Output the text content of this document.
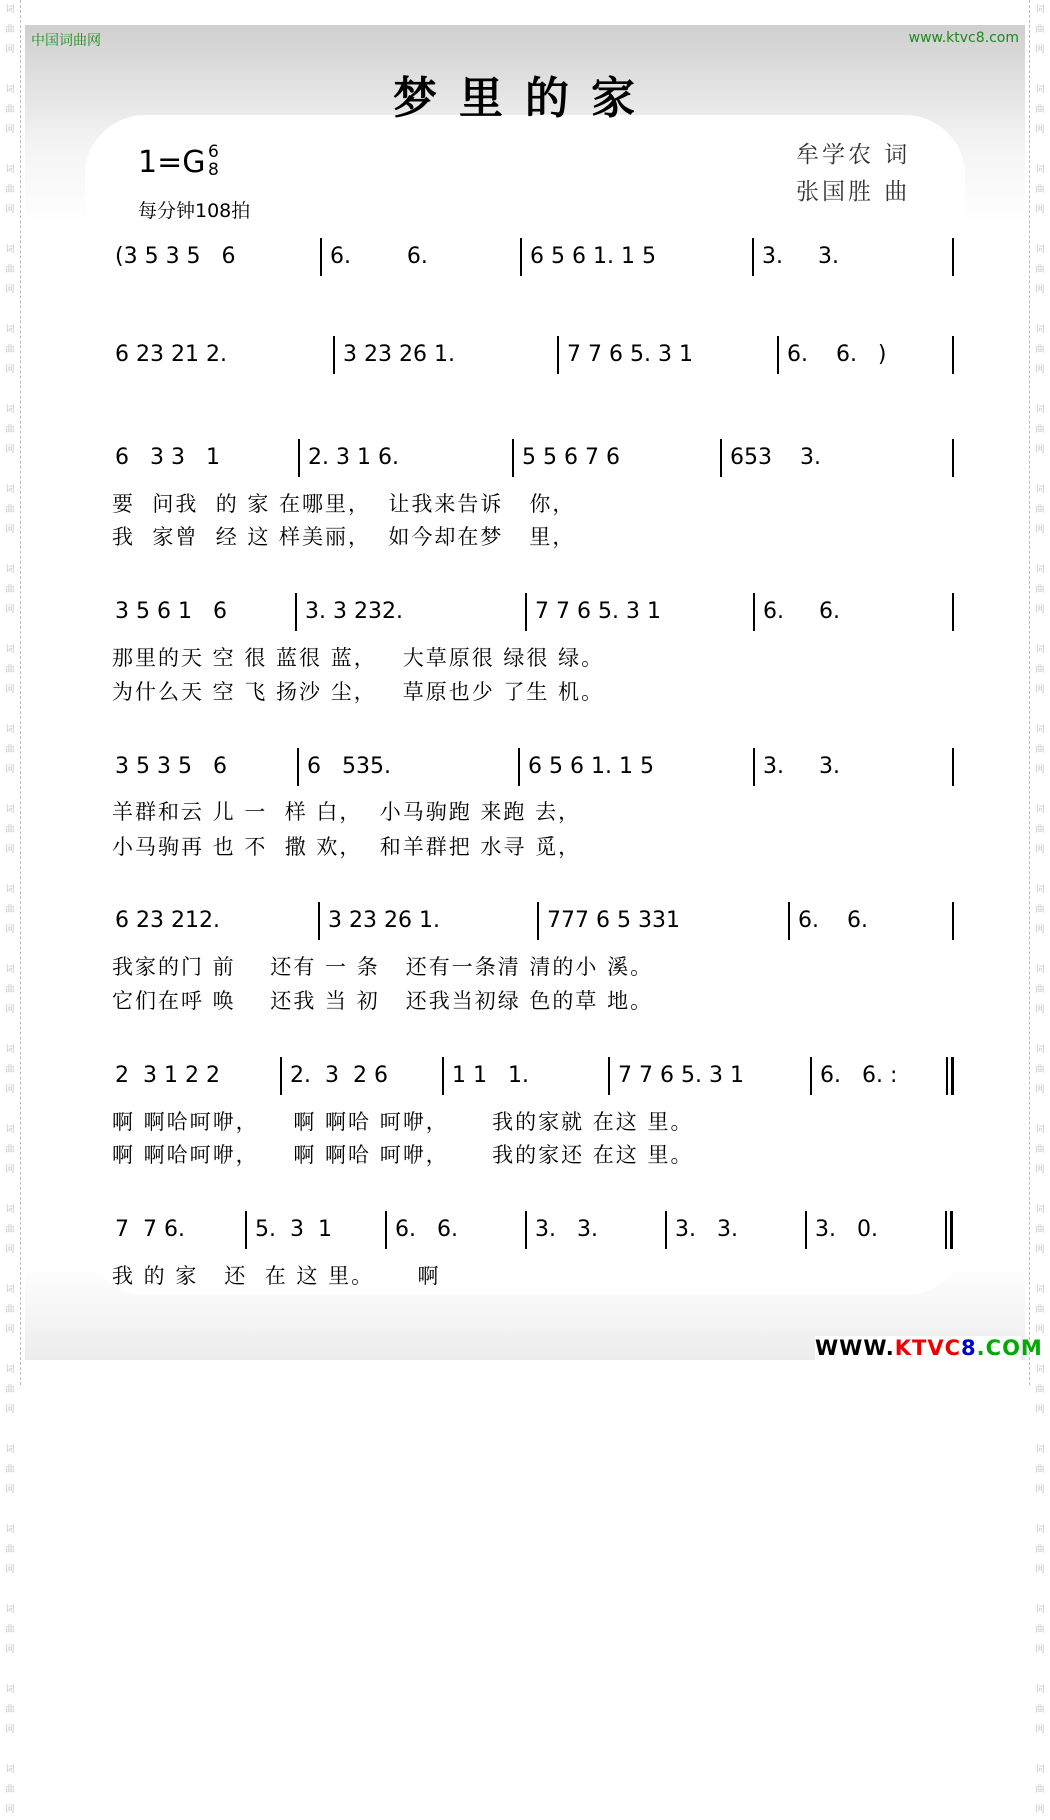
词
曲
网

词
曲
网

词
曲
网

词
曲
网

词
曲
网

词
曲
网

词
曲
网

词
曲
网

词
曲
网

词
曲
网

词
曲
网

词
曲
网

词
曲
网

词
曲
网

词
曲
网

词
曲
网

词
曲
网

词
曲
网

词
曲
网

词
曲
网

词
曲
网

词
曲
网

词
曲
网

词
曲
网

词
曲
网

词
曲
网

词
曲
网

词
曲
网

词
曲
网

词
曲
网

词
曲
网

词
曲
网

词
曲
网

词
曲
网

词
曲
网

词
曲
网

词
曲
网

词
曲
网

词
曲
网

词
曲
网

词
曲
网

词
曲
网

词
曲
网

词
曲
网

词
曲
网

词
曲
网

中国词曲网	www.ktvc8.com
梦里的家
1=G 6
8
每分钟108拍
牟学农 词
张国胜 曲
(3 5 3 5   6	6.        6.	6 5 6 1. 1 5	3.     3.
6 23 21 2.	3 23 26 1.	7 7 6 5. 3 1	6.    6.   )
6   3 3   1	2. 3 1 6.	5 5 6 7 6	653    3.
要  问我  的 家 在哪里，  让我来告诉   你，
我  家曾  经 这 样美丽，  如今却在梦   里，
3 5 6 1   6	3. 3 232.	7 7 6 5. 3 1	6.     6.
那里的天 空 很 蓝很 蓝，   大草原很 绿很 绿。
为什么天 空 飞 扬沙 尘，   草原也少 了生 机。
3 5 3 5   6	6   535.	6 5 6 1. 1 5	3.     3.
羊群和云 儿 一  样 白，  小马驹跑 来跑 去，
小马驹再 也 不  撒 欢，  和羊群把 水寻 觅，
6 23 212.	3 23 26 1.	777 6 5 331	6.    6.
我家的门 前    还有 一 条   还有一条清 清的小 溪。
它们在呼 唤    还我 当 初   还我当初绿 色的草 地。
2  3 1 2 2	2.  3  2 6	1 1   1.	7 7 6 5. 3 1	6.   6. :
啊 啊哈呵咿，    啊 啊哈 呵咿，     我的家就 在这 里。
啊 啊哈呵咿，    啊 啊哈 呵咿，     我的家还 在这 里。
7  7 6.	5.  3  1	6.   6.	3.   3.	3.   3.	3.   0.
我 的 家   还  在 这 里。     啊
WWW.KTVC8.COM
